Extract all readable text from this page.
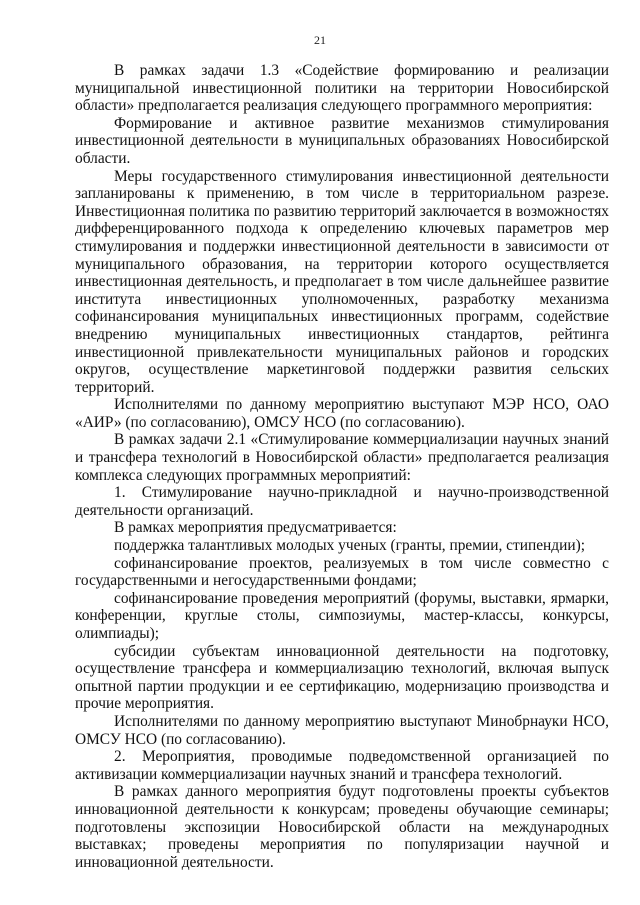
21

В рамках задачи 1.3 «Содействие формированию и реализации муниципальной инвестиционной политики на территории Новосибирской области» предполагается реализация следующего программного мероприятия:

Формирование и активное развитие механизмов стимулирования инвестиционной деятельности в муниципальных образованиях Новосибирской области.

Меры государственного стимулирования инвестиционной деятельности запланированы к применению, в том числе в территориальном разрезе. Инвестиционная политика по развитию территорий заключается в возможностях дифференцированного подхода к определению ключевых параметров мер стимулирования и поддержки инвестиционной деятельности в зависимости от муниципального образования, на территории которого осуществляется инвестиционная деятельность, и предполагает в том числе дальнейшее развитие института инвестиционных уполномоченных, разработку механизма софинансирования муниципальных инвестиционных программ, содействие внедрению муниципальных инвестиционных стандартов, рейтинга инвестиционной привлекательности муниципальных районов и городских округов, осуществление маркетинговой поддержки развития сельских территорий.

Исполнителями по данному мероприятию выступают МЭР НСО, ОАО «АИР» (по согласованию), ОМСУ НСО (по согласованию).

В рамках задачи 2.1 «Стимулирование коммерциализации научных знаний и трансфера технологий в Новосибирской области» предполагается реализация комплекса следующих программных мероприятий:

1. Стимулирование научно-прикладной и научно-производственной деятельности организаций.

В рамках мероприятия предусматривается:

поддержка талантливых молодых ученых (гранты, премии, стипендии);

софинансирование проектов, реализуемых в том числе совместно с государственными и негосударственными фондами;

софинансирование проведения мероприятий (форумы, выставки, ярмарки, конференции, круглые столы, симпозиумы, мастер-классы, конкурсы, олимпиады);

субсидии субъектам инновационной деятельности на подготовку, осуществление трансфера и коммерциализацию технологий, включая выпуск опытной партии продукции и ее сертификацию, модернизацию производства и прочие мероприятия.

Исполнителями по данному мероприятию выступают Минобрнауки НСО, ОМСУ НСО (по согласованию).

2. Мероприятия, проводимые подведомственной организацией по активизации коммерциализации научных знаний и трансфера технологий.

В рамках данного мероприятия будут подготовлены проекты субъектов инновационной деятельности к конкурсам; проведены обучающие семинары; подготовлены экспозиции Новосибирской области на международных выставках; проведены мероприятия по популяризации научной и инновационной деятельности.
